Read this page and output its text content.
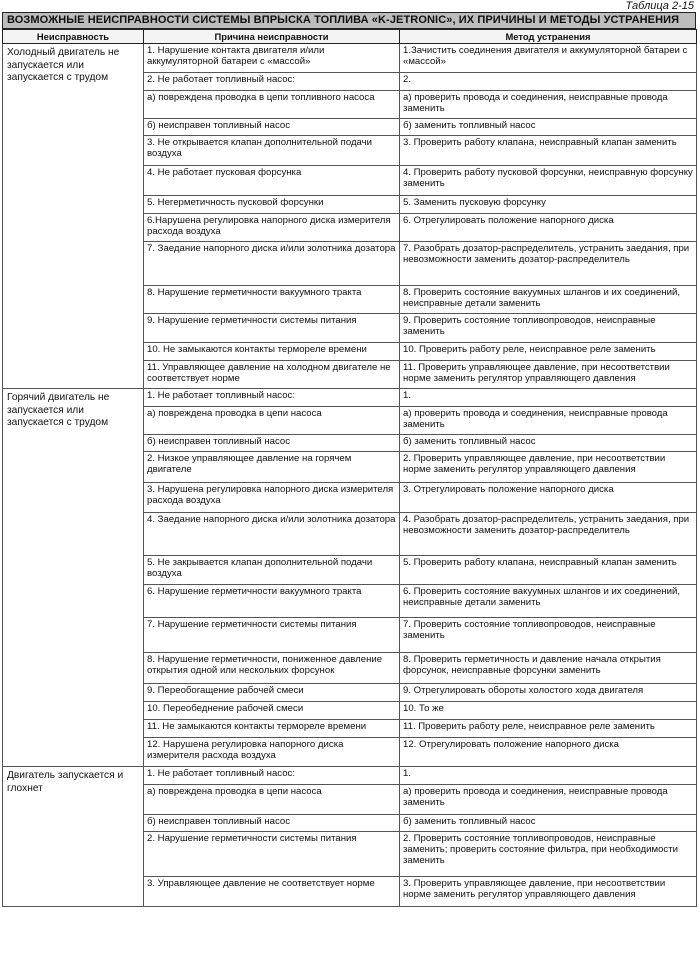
Таблица 2-15
ВОЗМОЖНЫЕ НЕИСПРАВНОСТИ СИСТЕМЫ ВПРЫСКА ТОПЛИВА «K-JETRONIC», ИХ ПРИЧИНЫ И МЕТОДЫ УСТРАНЕНИЯ
Неисправность	Причина неисправности	Метод устранения
Холодный двигатель не запускается или запускается с трудом	1. Нарушение контакта двигателя и/или аккумуляторной батареи с «массой»	1.Зачистить соединения двигателя и аккумуляторной батареи с «массой»
	2. Не работает топливный насос:	2.
	а) повреждена проводка в цепи топливного насоса	а) проверить провода и соединения, неисправные провода заменить
	б) неисправен топливный насос	б) заменить топливный насос
	3. Не открывается клапан дополнительной подачи воздуха	3. Проверить работу клапана, неисправный клапан заменить
	4. Не работает пусковая форсунка	4. Проверить работу пусковой форсунки, неисправную форсунку заменить
	5. Негерметичность пусковой форсунки	5. Заменить пусковую форсунку
	6.Нарушена регулировка напорного диска измерителя расхода воздуха	6. Отрегулировать положение напорного диска
	7. Заедание напорного диска и/или золотника дозатора	7. Разобрать дозатор-распределитель, устранить заедания, при невозможности заменить дозатор-распределитель
	8. Нарушение герметичности вакуумного тракта	8. Проверить состояние вакуумных шлангов и их соединений, неисправные детали заменить
	9. Нарушение герметичности системы питания	9. Проверить состояние топливопроводов, неисправные заменить
	10. Не замыкаются контакты термореле времени	10. Проверить работу реле, неисправное реле заменить
	11. Управляющее давление на холодном двигателе не соответствует норме	11. Проверить управляющее давление, при несоответствии норме заменить регулятор управляющего давления
Горячий двигатель не запускается или запускается с трудом	1. Не работает топливный насос:	1.
	а) повреждена проводка в цепи насоса	а) проверить провода и соединения, неисправные провода заменить
	б) неисправен топливный насос	б) заменить топливный насос
	2. Низкое управляющее давление на горячем двигателе	2. Проверить управляющее давление, при несоответствии норме заменить регулятор управляющего давления
	3. Нарушена регулировка напорного диска измерителя расхода воздуха	3. Отрегулировать положение напорного диска
	4. Заедание напорного диска и/или золотника дозатора	4. Разобрать дозатор-распределитель, устранить заедания, при невозможности заменить дозатор-распределитель
	5. Не закрывается клапан дополнительной подачи воздуха	5. Проверить работу клапана, неисправный клапан заменить
	6. Нарушение герметичности вакуумного тракта	6. Проверить состояние вакуумных шлангов и их соединений, неисправные детали заменить
	7. Нарушение герметичности системы питания	7. Проверить состояние топливопроводов, неисправные заменить
	8. Нарушение герметичности, пониженное давление открытия одной или нескольких форсунок	8. Проверить герметичность и давление начала открытия форсунок, неисправные форсунки заменить
	9. Переобогащение рабочей смеси	9. Отрегулировать обороты холостого хода двигателя
	10. Переобеднение рабочей смеси	10. То же
	11. Не замыкаются контакты термореле времени	11. Проверить работу реле, неисправное реле заменить
	12. Нарушена регулировка напорного диска измерителя расхода воздуха	12. Отрегулировать положение напорного диска
Двигатель запускается и глохнет	1. Не работает топливный насос:	1.
	а) повреждена проводка в цепи насоса	а) проверить провода и соединения, неисправные провода заменить
	б) неисправен топливный насос	б) заменить топливный насос
	2. Нарушение герметичности системы питания	2. Проверить состояние топливопроводов, неисправные заменить; проверить состояние фильтра, при необходимости заменить
	3. Управляющее давление не соответствует норме	3. Проверить управляющее давление, при несоответствии норме заменить регулятор управляющего давления
